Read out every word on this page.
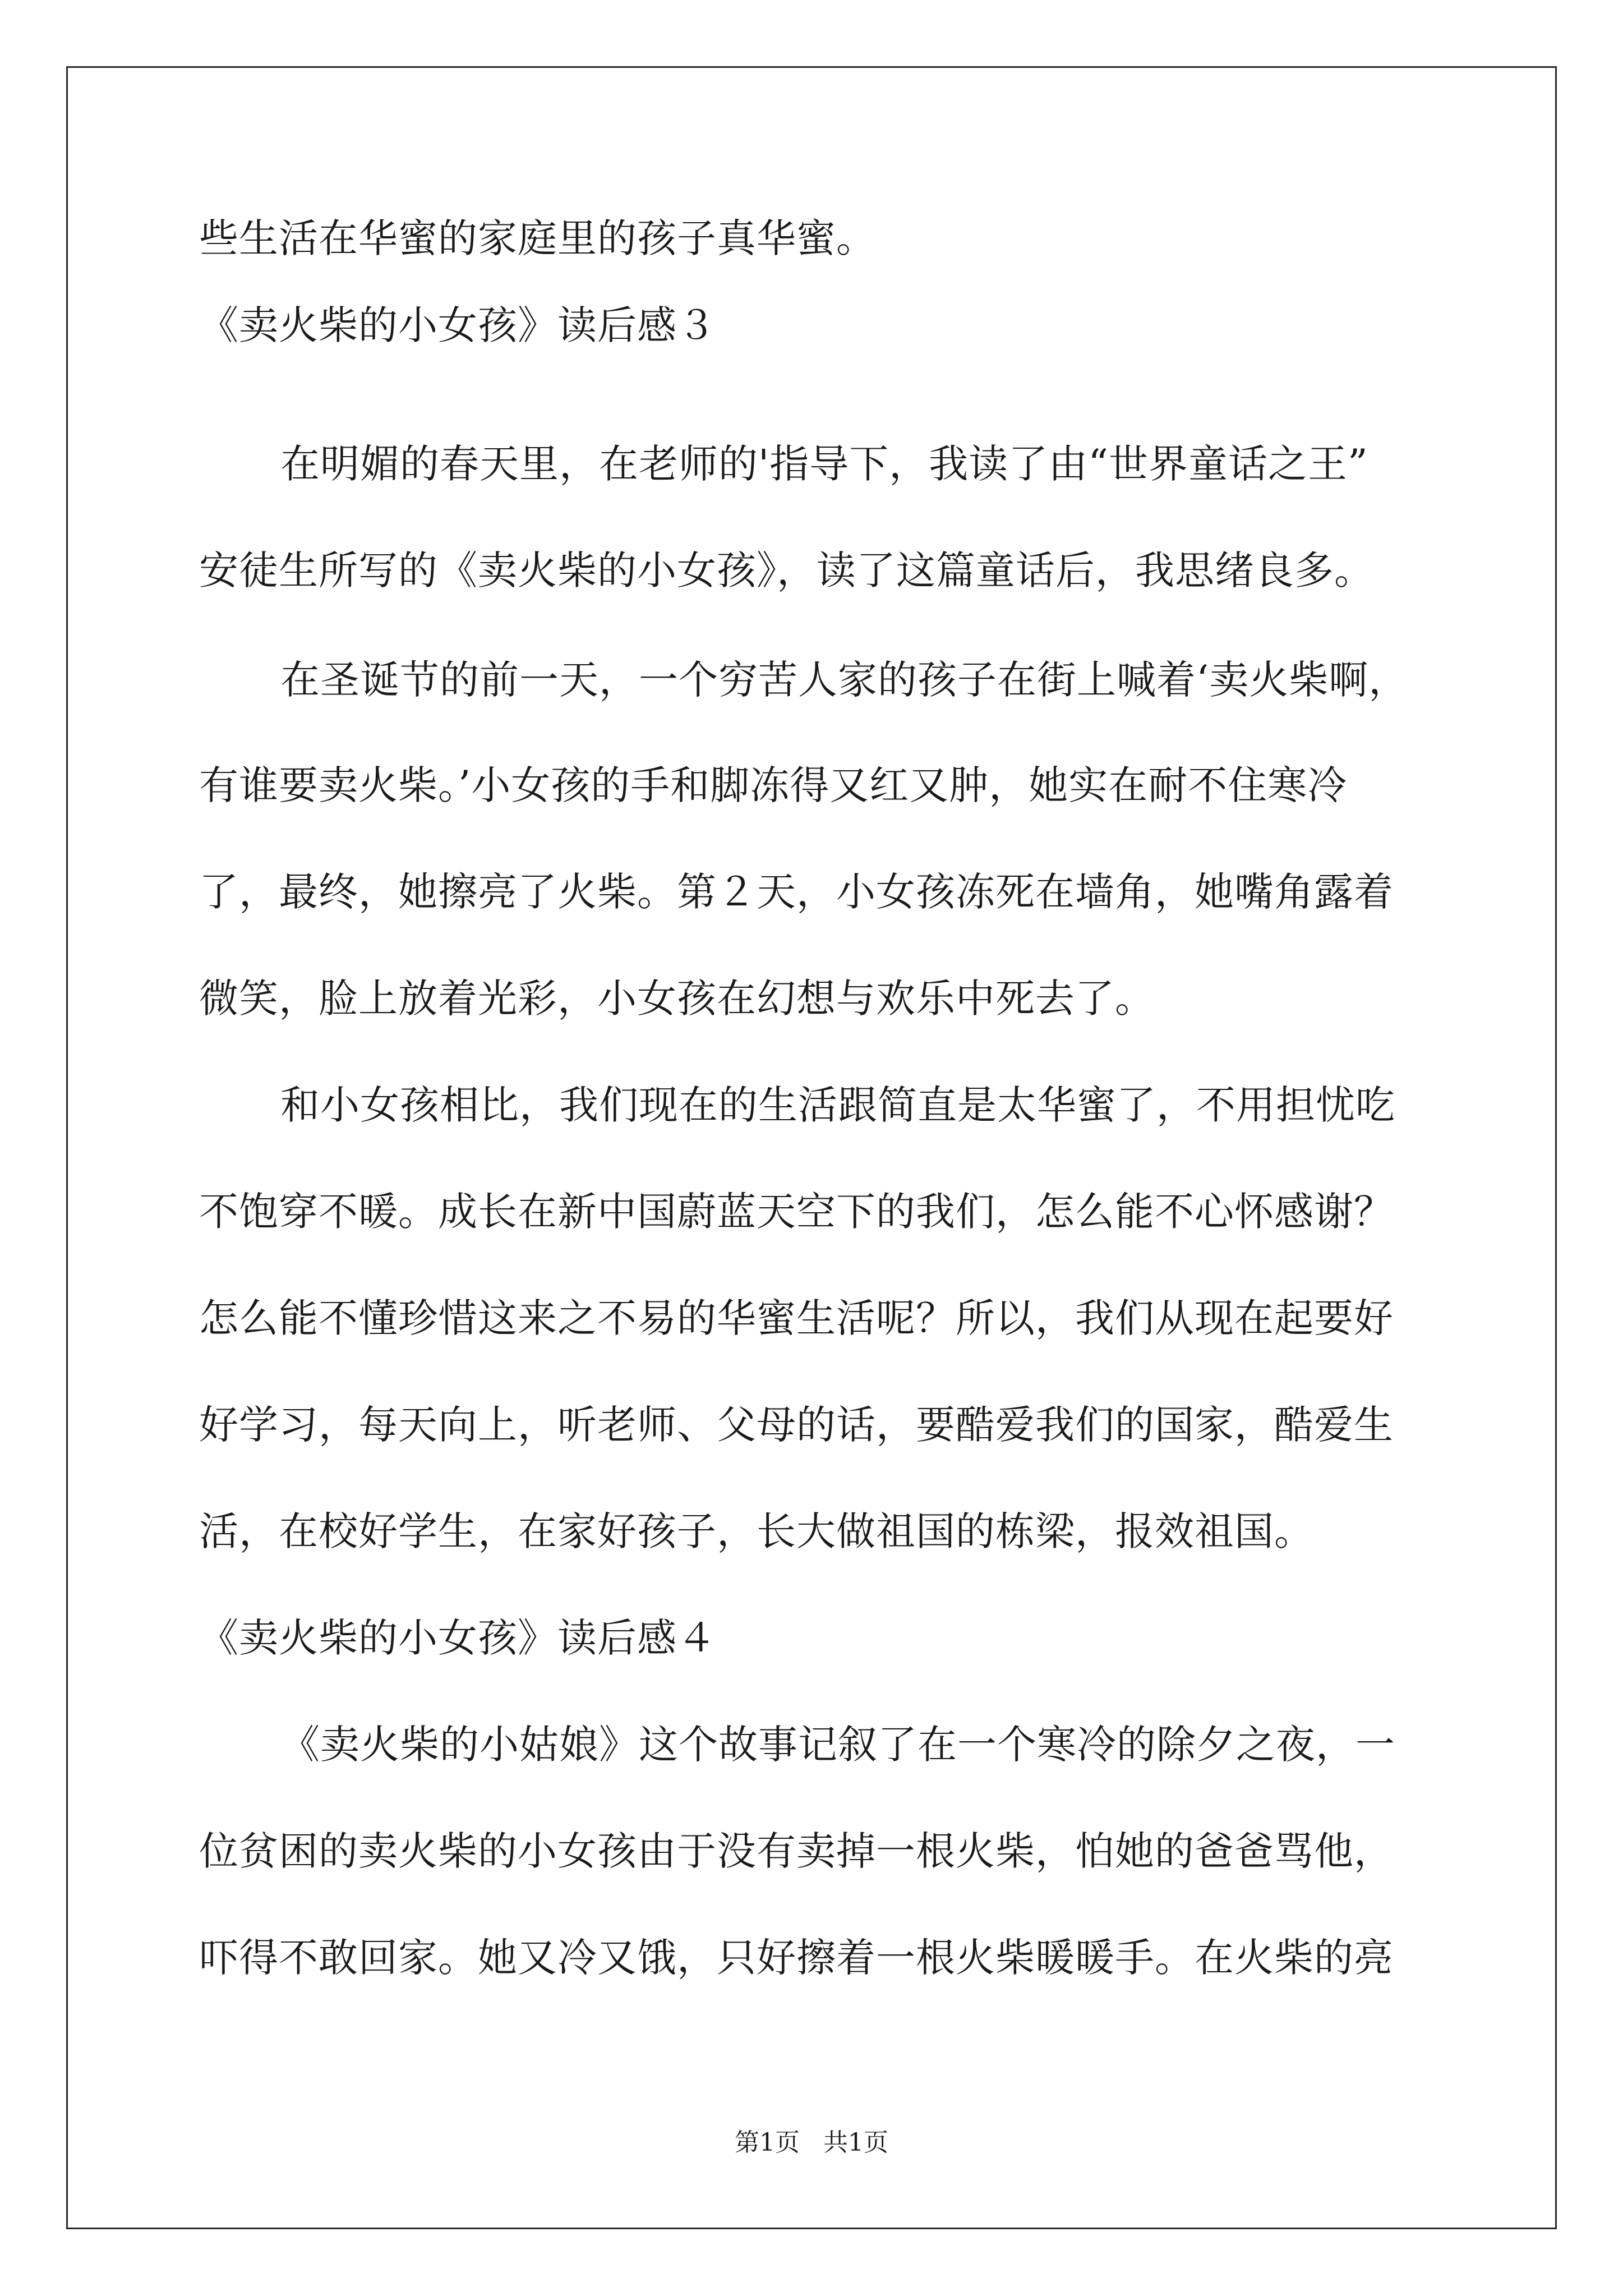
些生活在华蜜的家庭里的孩子真华蜜。

《卖火柴的小女孩》读后感３

在明媚的春天里，在老师的'指导下，我读了由“世界童话之王”

安徒生所写的《卖火柴的小女孩》，读了这篇童话后，我思绪良多。

在圣诞节的前一天，一个穷苦人家的孩子在街上喊着‘卖火柴啊，

有谁要卖火柴。’小女孩的手和脚冻得又红又肿，她实在耐不住寒冷

了，最终，她擦亮了火柴。第２天，小女孩冻死在墙角，她嘴角露着

微笑，脸上放着光彩，小女孩在幻想与欢乐中死去了。

和小女孩相比，我们现在的生活跟简直是太华蜜了，不用担忧吃

不饱穿不暖。成长在新中国蔚蓝天空下的我们，怎么能不心怀感谢？

怎么能不懂珍惜这来之不易的华蜜生活呢？所以，我们从现在起要好

好学习，每天向上，听老师、父母的话，要酷爱我们的国家，酷爱生

活，在校好学生，在家好孩子，长大做祖国的栋梁，报效祖国。

《卖火柴的小女孩》读后感４

《卖火柴的小姑娘》这个故事记叙了在一个寒冷的除夕之夜，一

位贫困的卖火柴的小女孩由于没有卖掉一根火柴，怕她的爸爸骂他，

吓得不敢回家。她又冷又饿，只好擦着一根火柴暖暖手。在火柴的亮

第1页   共1页
